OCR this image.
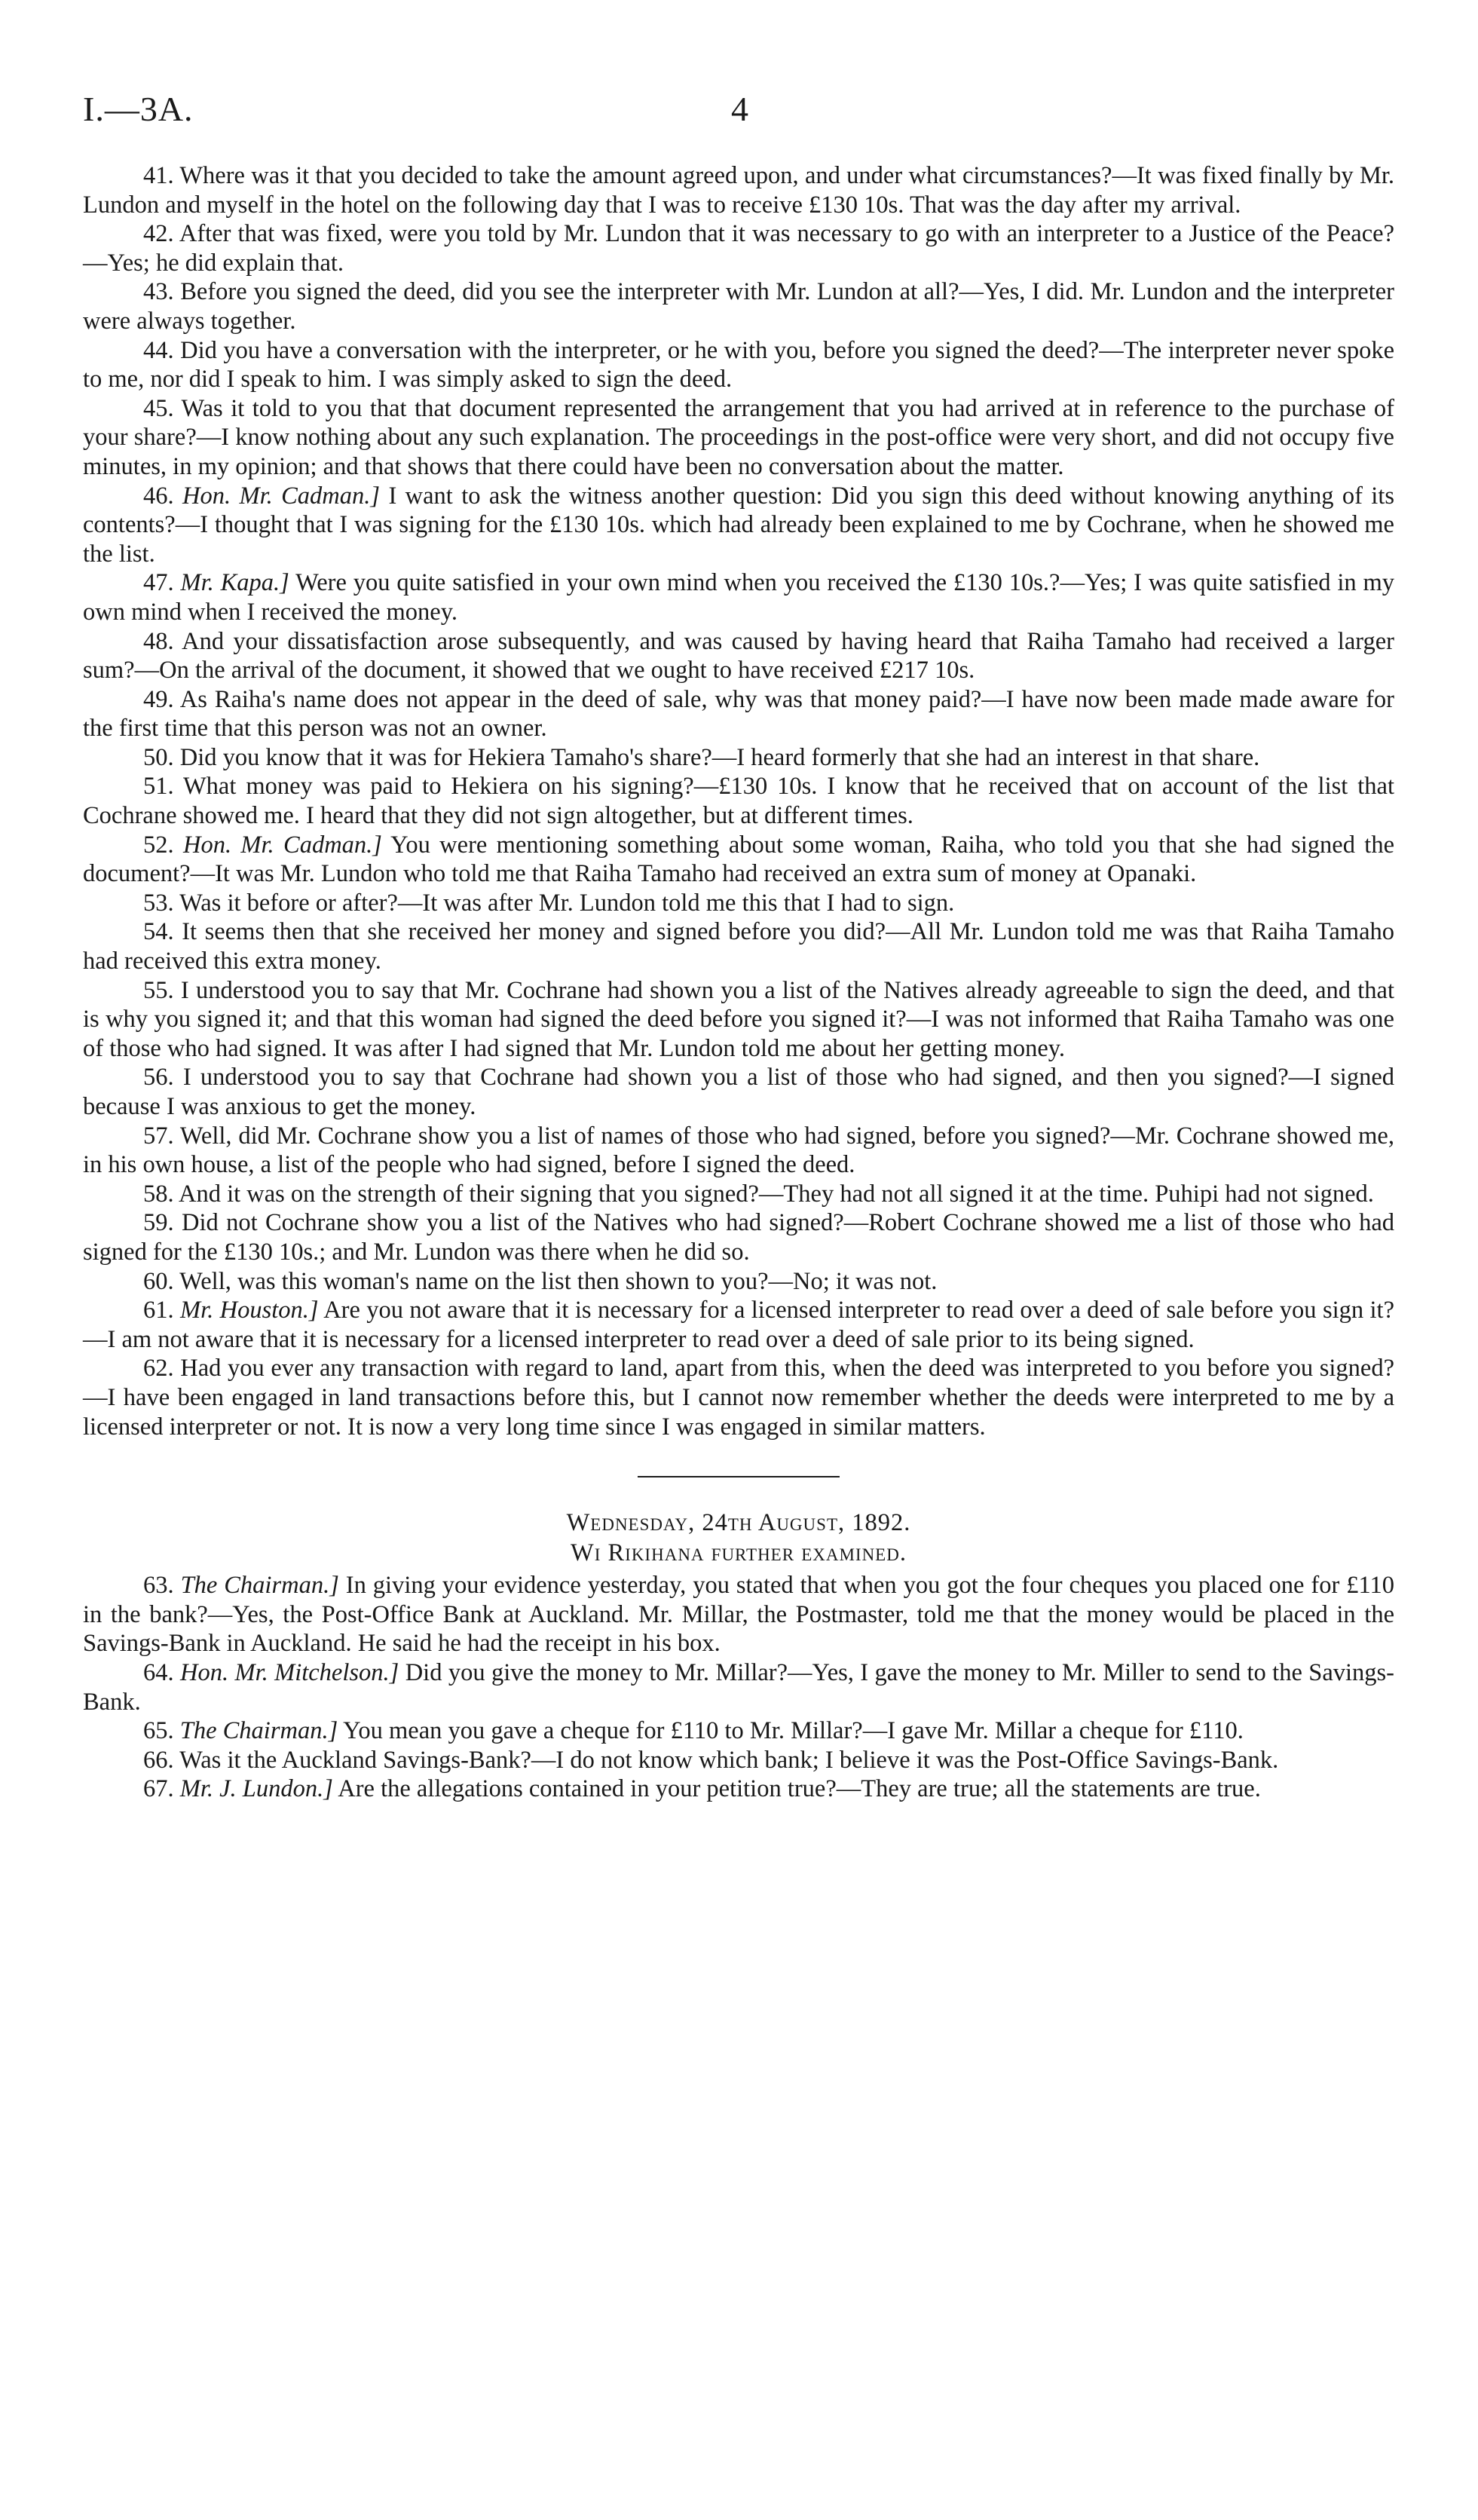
I.—3A.	4

41. Where was it that you decided to take the amount agreed upon, and under what circumstances?—It was fixed finally by Mr. Lundon and myself in the hotel on the following day that I was to receive £130 10s. That was the day after my arrival.

42. After that was fixed, were you told by Mr. Lundon that it was necessary to go with an interpreter to a Justice of the Peace?—Yes; he did explain that.

43. Before you signed the deed, did you see the interpreter with Mr. Lundon at all?—Yes, I did. Mr. Lundon and the interpreter were always together.

44. Did you have a conversation with the interpreter, or he with you, before you signed the deed?—The interpreter never spoke to me, nor did I speak to him. I was simply asked to sign the deed.

45. Was it told to you that that document represented the arrangement that you had arrived at in reference to the purchase of your share?—I know nothing about any such explanation. The proceedings in the post-office were very short, and did not occupy five minutes, in my opinion; and that shows that there could have been no conversation about the matter.

46. Hon. Mr. Cadman.] I want to ask the witness another question: Did you sign this deed without knowing anything of its contents?—I thought that I was signing for the £130 10s. which had already been explained to me by Cochrane, when he showed me the list.

47. Mr. Kapa.] Were you quite satisfied in your own mind when you received the £130 10s.?—Yes; I was quite satisfied in my own mind when I received the money.

48. And your dissatisfaction arose subsequently, and was caused by having heard that Raiha Tamaho had received a larger sum?—On the arrival of the document, it showed that we ought to have received £217 10s.

49. As Raiha's name does not appear in the deed of sale, why was that money paid?—I have now been made made aware for the first time that this person was not an owner.

50. Did you know that it was for Hekiera Tamaho's share?—I heard formerly that she had an interest in that share.

51. What money was paid to Hekiera on his signing?—£130 10s. I know that he received that on account of the list that Cochrane showed me. I heard that they did not sign altogether, but at different times.

52. Hon. Mr. Cadman.] You were mentioning something about some woman, Raiha, who told you that she had signed the document?—It was Mr. Lundon who told me that Raiha Tamaho had received an extra sum of money at Opanaki.

53. Was it before or after?—It was after Mr. Lundon told me this that I had to sign.

54. It seems then that she received her money and signed before you did?—All Mr. Lundon told me was that Raiha Tamaho had received this extra money.

55. I understood you to say that Mr. Cochrane had shown you a list of the Natives already agreeable to sign the deed, and that is why you signed it; and that this woman had signed the deed before you signed it?—I was not informed that Raiha Tamaho was one of those who had signed. It was after I had signed that Mr. Lundon told me about her getting money.

56. I understood you to say that Cochrane had shown you a list of those who had signed, and then you signed?—I signed because I was anxious to get the money.

57. Well, did Mr. Cochrane show you a list of names of those who had signed, before you signed?—Mr. Cochrane showed me, in his own house, a list of the people who had signed, before I signed the deed.

58. And it was on the strength of their signing that you signed?—They had not all signed it at the time. Puhipi had not signed.

59. Did not Cochrane show you a list of the Natives who had signed?—Robert Cochrane showed me a list of those who had signed for the £130 10s.; and Mr. Lundon was there when he did so.

60. Well, was this woman's name on the list then shown to you?—No; it was not.

61. Mr. Houston.] Are you not aware that it is necessary for a licensed interpreter to read over a deed of sale before you sign it?—I am not aware that it is necessary for a licensed interpreter to read over a deed of sale prior to its being signed.

62. Had you ever any transaction with regard to land, apart from this, when the deed was interpreted to you before you signed?—I have been engaged in land transactions before this, but I cannot now remember whether the deeds were interpreted to me by a licensed interpreter or not. It is now a very long time since I was engaged in similar matters.

Wednesday, 24th August, 1892.

Wi Rikihana further examined.

63. The Chairman.] In giving your evidence yesterday, you stated that when you got the four cheques you placed one for £110 in the bank?—Yes, the Post-Office Bank at Auckland. Mr. Millar, the Postmaster, told me that the money would be placed in the Savings-Bank in Auckland. He said he had the receipt in his box.

64. Hon. Mr. Mitchelson.] Did you give the money to Mr. Millar?—Yes, I gave the money to Mr. Miller to send to the Savings-Bank.

65. The Chairman.] You mean you gave a cheque for £110 to Mr. Millar?—I gave Mr. Millar a cheque for £110.

66. Was it the Auckland Savings-Bank?—I do not know which bank; I believe it was the Post-Office Savings-Bank.

67. Mr. J. Lundon.] Are the allegations contained in your petition true?—They are true; all the statements are true.
